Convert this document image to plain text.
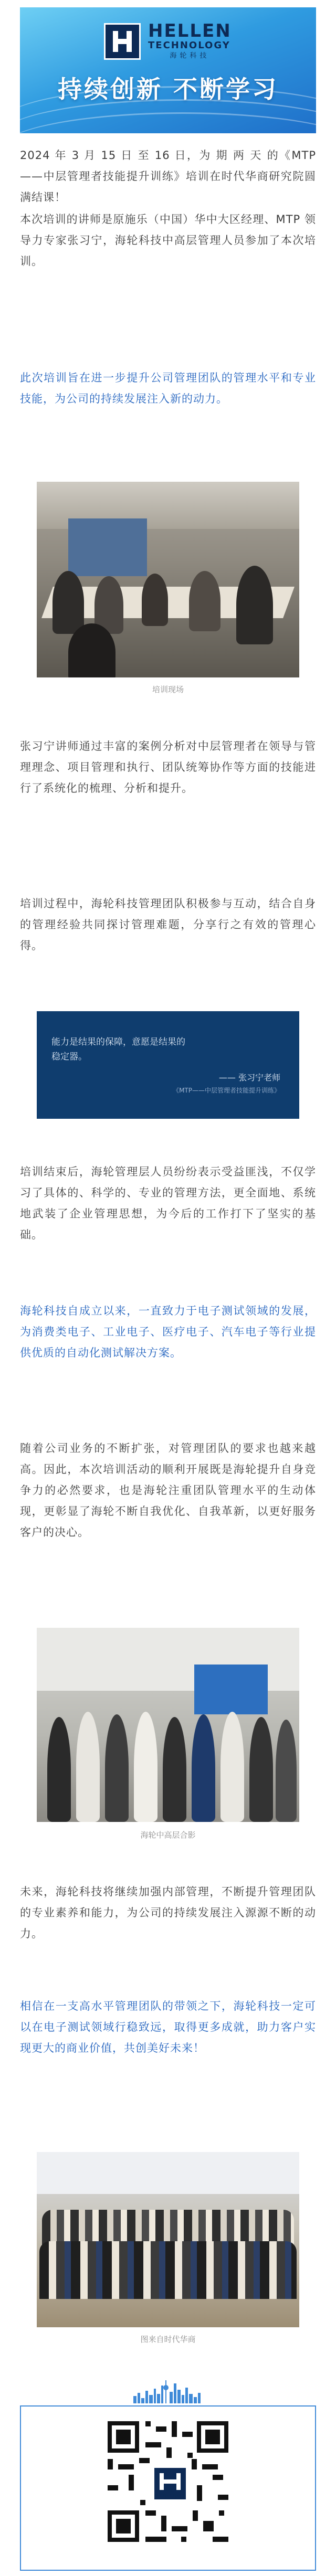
HELLEN
TECHNOLOGY
海轮科技
持续创新 不断学习

2024 年 3 月 15 日 至 16 日，为 期 两 天 的《MTP——中层管理者技能提升训练》培训在时代华商研究院圆满结课！

本次培训的讲师是原施乐（中国）华中大区经理、MTP 领导力专家张习宁，海轮科技中高层管理人员参加了本次培训。

此次培训旨在进一步提升公司管理团队的管理水平和专业技能，为公司的持续发展注入新的动力。

培训现场

张习宁讲师通过丰富的案例分析对中层管理者在领导与管理理念、项目管理和执行、团队统筹协作等方面的技能进行了系统化的梳理、分析和提升。

培训过程中，海轮科技管理团队积极参与互动，结合自身的管理经验共同探讨管理难题，分享行之有效的管理心得。

能力是结果的保障，意愿是结果的
稳定器。
—— 张习宁老师
《MTP——中层管理者技能提升训练》

培训结束后，海轮管理层人员纷纷表示受益匪浅，不仅学习了具体的、科学的、专业的管理方法，更全面地、系统地武装了企业管理思想，为今后的工作打下了坚实的基础。

海轮科技自成立以来，一直致力于电子测试领域的发展，为消费类电子、工业电子、医疗电子、汽车电子等行业提供优质的自动化测试解决方案。

随着公司业务的不断扩张，对管理团队的要求也越来越高。因此，本次培训活动的顺利开展既是海轮提升自身竞争力的必然要求，也是海轮注重团队管理水平的生动体现，更彰显了海轮不断自我优化、自我革新，以更好服务客户的决心。

海轮中高层合影

未来，海轮科技将继续加强内部管理，不断提升管理团队的专业素养和能力，为公司的持续发展注入源源不断的动力。

相信在一支高水平管理团队的带领之下，海轮科技一定可以在电子测试领域行稳致远，取得更多成就，助力客户实现更大的商业价值，共创美好未来！

图来自时代华商
